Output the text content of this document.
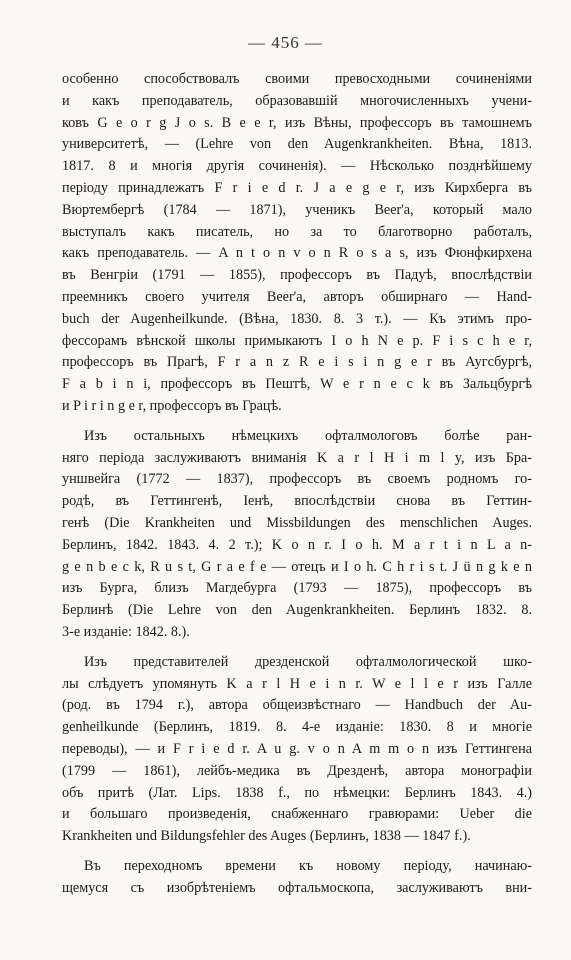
— 456 —
особенно способствовалъ своими превосходными сочиненіями
и какъ преподаватель, образовавшій многочисленныхъ учени-
ковъ G e o r g J o s. B e e r, изъ Вѣны, профессоръ въ тамошнемъ
университетѣ, — (Lehre von den Augenkrankheiten. Вѣна, 1813.
1817. 8 и многія другія сочиненія). — Нѣсколько позднѣйшему
періоду принадлежатъ F r i e d r. J a e g e r, изъ Кирхберга въ
Вюртембергѣ (1784 — 1871), ученикъ Beer'а, который мало
выступалъ какъ писатель, но за то благотворно работалъ,
какъ преподаватель. — A n t o n v o n R o s a s, изъ Фюнфкирхена
въ Венгріи (1791 — 1855), профессоръ въ Падуѣ, впослѣдствіи
преемникъ своего учителя Beer'а, авторъ обширнаго — Hand-
buch der Augenheilkunde. (Вѣна, 1830. 8. 3 т.). — Къ этимъ про-
фессорамъ вѣнской школы примыкаютъ I o h N e p. F i s c h e r,
профессоръ въ Прагѣ, F r a n z R e i s i n g e r въ Аугсбургѣ,
F a b i n i, профессоръ въ Пештѣ, W e r n e c k въ Зальцбургѣ
и P i r i n g e r, профессоръ въ Грацѣ.
Изъ остальныхъ нѣмецкихъ офталмологовъ болѣе ран-
няго періода заслуживаютъ вниманія K a r l H i m l y, изъ Бра-
уншвейга (1772 — 1837), профессоръ въ своемъ родномъ го-
родѣ, въ Геттингенѣ, Іенѣ, впослѣдствіи снова въ Геттин-
генѣ (Die Krankheiten und Missbildungen des menschlichen Auges.
Берлинъ, 1842. 1843. 4. 2 т.); K o n r. I o h. M a r t i n L a n-
g e n b e c k, R u s t, G r a e f e — отецъ и I o h. C h r i s t. J ü n g k e n
изъ Бурга, близъ Магдебурга (1793 — 1875), профессоръ въ
Берлинѣ (Die Lehre von den Augenkrankheiten. Берлинъ 1832. 8.
3-е изданіе: 1842. 8.).
Изъ представителей дрезденской офталмологической шко-
лы слѣдуетъ упомянуть K a r l H e i n r. W e l l e r изъ Галле
(род. въ 1794 г.), автора общеизвѣстнаго — Handbuch der Au-
genheilkunde (Берлинъ, 1819. 8. 4-е изданіе: 1830. 8 и многіе
переводы), — и F r i e d r. A u g. v o n A m m o n изъ Геттингена
(1799 — 1861), лейбъ-медика въ Дрезденѣ, автора монографіи
объ притѣ (Лат. Lips. 1838 f., по нѣмецки: Берлинъ 1843. 4.)
и большаго произведенія, снабженнаго гравюрами: Ueber die
Krankheiten und Bildungsfehler des Auges (Берлинъ, 1838 — 1847 f.).
Въ переходномъ времени къ новому періоду, начинаю-
щемуся съ изобрѣтеніемъ офтальмоскопа, заслуживаютъ вни-
